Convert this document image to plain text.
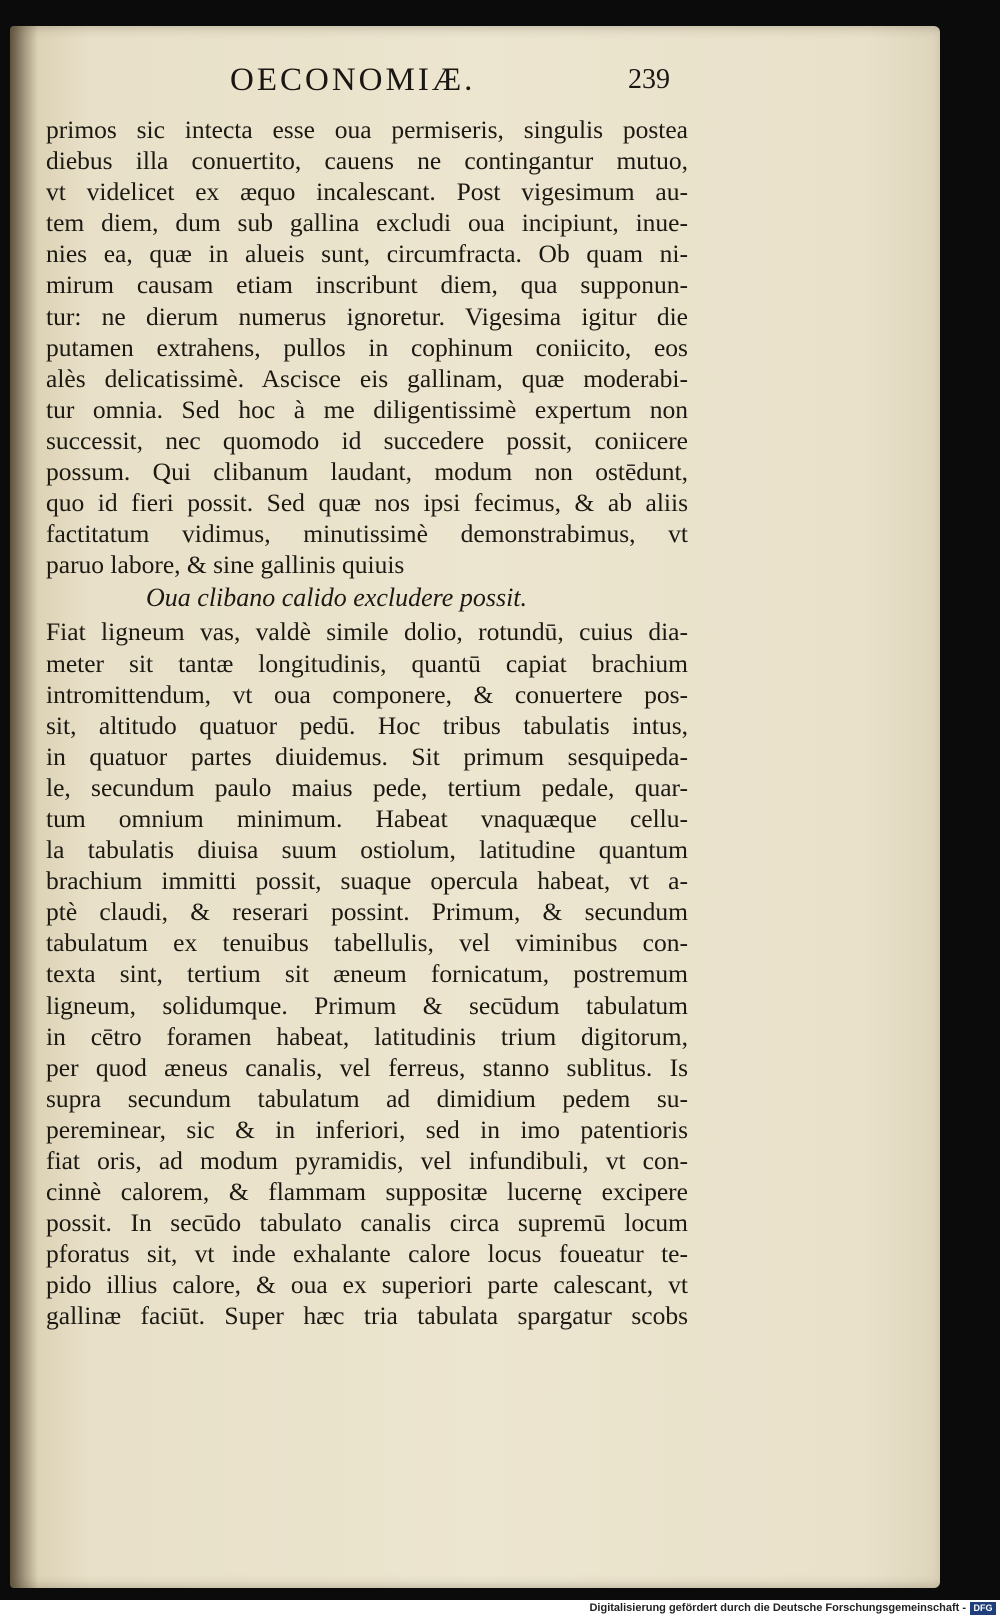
OECONOMIÆ.	239
primos sic intecta esse oua permiseris, singulis postea
diebus illa conuertito, cauens ne contingantur mutuo,
vt videlicet ex æquo incalescant. Post vigesimum au-
tem diem, dum sub gallina excludi oua incipiunt, inue-
nies ea, quæ in alueis sunt, circumfracta. Ob quam ni-
mirum causam etiam inscribunt diem, qua supponun-
tur: ne dierum numerus ignoretur. Vigesima igitur die
putamen extrahens, pullos in cophinum coniicito, eos
alès delicatissimè. Ascisce eis gallinam, quæ moderabi-
tur omnia. Sed hoc à me diligentissimè expertum non
successit, nec quomodo id succedere possit, coniicere
possum. Qui clibanum laudant, modum non ostēdunt,
quo id fieri possit. Sed quæ nos ipsi fecimus, & ab aliis
factitatum vidimus, minutissimè demonstrabimus, vt
paruo labore, & sine gallinis quiuis
Oua clibano calido excludere possit.
Fiat ligneum vas, valdè simile dolio, rotundū, cuius dia-
meter sit tantæ longitudinis, quantū capiat brachium
intromittendum, vt oua componere, & conuertere pos-
sit, altitudo quatuor pedū. Hoc tribus tabulatis intus,
in quatuor partes diuidemus. Sit primum sesquipeda-
le, secundum paulo maius pede, tertium pedale, quar-
tum omnium minimum. Habeat vnaquæque cellu-
la tabulatis diuisa suum ostiolum, latitudine quantum
brachium immitti possit, suaque opercula habeat, vt a-
ptè claudi, & reserari possint. Primum, & secundum
tabulatum ex tenuibus tabellulis, vel viminibus con-
texta sint, tertium sit æneum fornicatum, postremum
ligneum, solidumque. Primum & secūdum tabulatum
in cētro foramen habeat, latitudinis trium digitorum,
per quod æneus canalis, vel ferreus, stanno sublitus. Is
supra secundum tabulatum ad dimidium pedem su-
pereminear, sic & in inferiori, sed in imo patentioris
fiat oris, ad modum pyramidis, vel infundibuli, vt con-
cinnè calorem, & flammam suppositæ lucernę excipere
possit. In secūdo tabulato canalis circa supremū locum
pforatus sit, vt inde exhalante calore locus foueatur te-
pido illius calore, & oua ex superiori parte calescant, vt
gallinæ faciūt. Super hæc tria tabulata spargatur scobs
Digitalisierung gefördert durch die Deutsche Forschungsgemeinschaft - DFG
